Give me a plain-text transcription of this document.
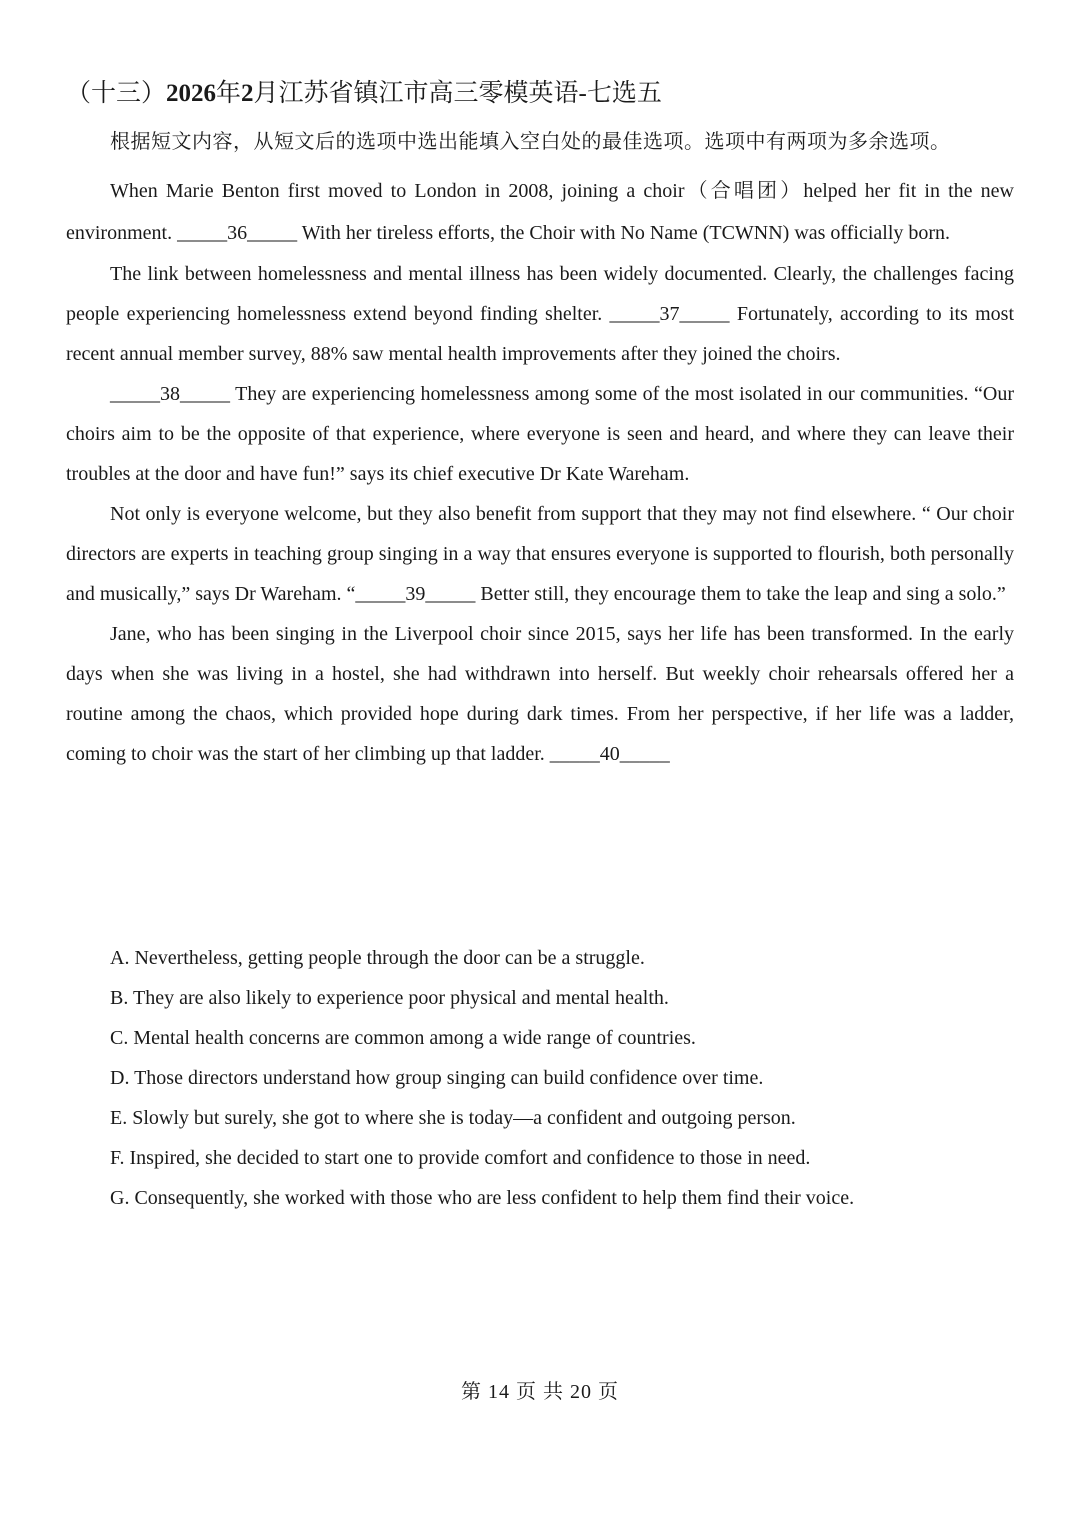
（十三）2026年2月江苏省镇江市高三零模英语-七选五
根据短文内容，从短文后的选项中选出能填入空白处的最佳选项。选项中有两项为多余选项。

When Marie Benton first moved to London in 2008, joining a choir（合唱团）helped her fit in the new environment. _____36_____ With her tireless efforts, the Choir with No Name (TCWNN) was officially born.

The link between homelessness and mental illness has been widely documented. Clearly, the challenges facing people experiencing homelessness extend beyond finding shelter. _____37_____ Fortunately, according to its most recent annual member survey, 88% saw mental health improvements after they joined the choirs.

_____38_____ They are experiencing homelessness among some of the most isolated in our communities. “Our choirs aim to be the opposite of that experience, where everyone is seen and heard, and where they can leave their troubles at the door and have fun!” says its chief executive Dr Kate Wareham.

Not only is everyone welcome, but they also benefit from support that they may not find elsewhere. “ Our choir directors are experts in teaching group singing in a way that ensures everyone is supported to flourish, both personally and musically,” says Dr Wareham. “_____39_____ Better still, they encourage them to take the leap and sing a solo.”

Jane, who has been singing in the Liverpool choir since 2015, says her life has been transformed. In the early days when she was living in a hostel, she had withdrawn into herself. But weekly choir rehearsals offered her a routine among the chaos, which provided hope during dark times. From her perspective, if her life was a ladder, coming to choir was the start of her climbing up that ladder. _____40_____

A. Nevertheless, getting people through the door can be a struggle.
B. They are also likely to experience poor physical and mental health.
C. Mental health concerns are common among a wide range of countries.
D. Those directors understand how group singing can build confidence over time.
E. Slowly but surely, she got to where she is today—a confident and outgoing person.
F. Inspired, she decided to start one to provide comfort and confidence to those in need.
G. Consequently, she worked with those who are less confident to help them find their voice.
第 14 页 共 20 页
